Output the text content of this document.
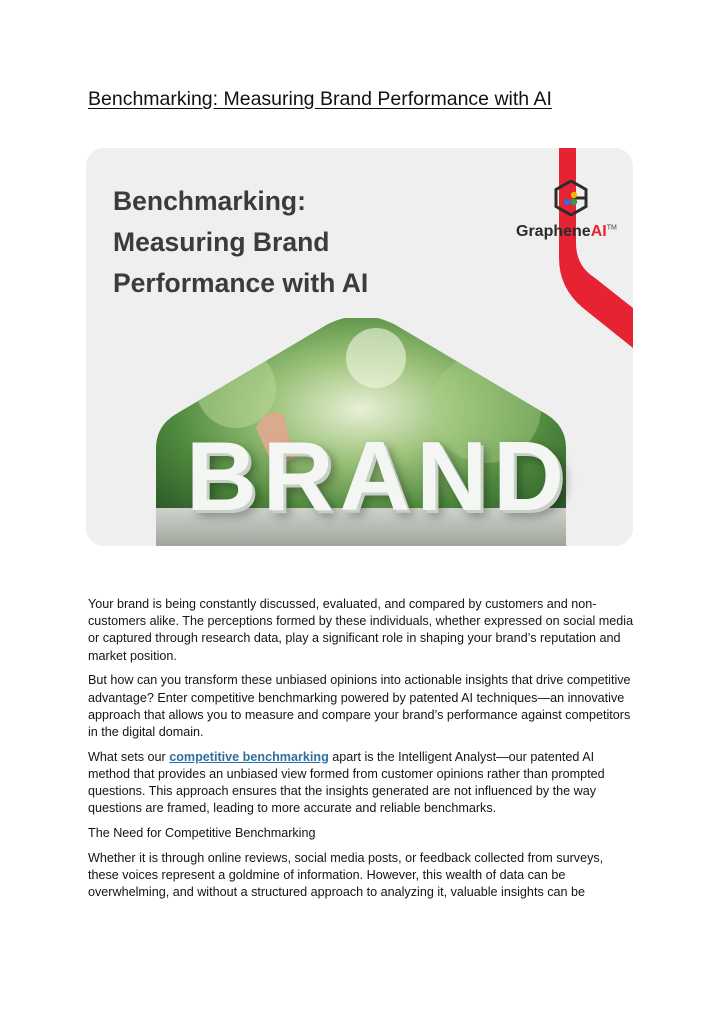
Benchmarking: Measuring Brand Performance with AI
Benchmarking:
Measuring Brand
Performance with AI
GrapheneAI™
BRAND

Your brand is being constantly discussed, evaluated, and compared by customers and non-customers alike. The perceptions formed by these individuals, whether expressed on social media or captured through research data, play a significant role in shaping your brand’s reputation and market position.

But how can you transform these unbiased opinions into actionable insights that drive competitive advantage? Enter competitive benchmarking powered by patented AI techniques—an innovative approach that allows you to measure and compare your brand’s performance against competitors in the digital domain.

What sets our competitive benchmarking apart is the Intelligent Analyst—our patented AI method that provides an unbiased view formed from customer opinions rather than prompted questions. This approach ensures that the insights generated are not influenced by the way questions are framed, leading to more accurate and reliable benchmarks.

The Need for Competitive Benchmarking

Whether it is through online reviews, social media posts, or feedback collected from surveys, these voices represent a goldmine of information. However, this wealth of data can be overwhelming, and without a structured approach to analyzing it, valuable insights can be
